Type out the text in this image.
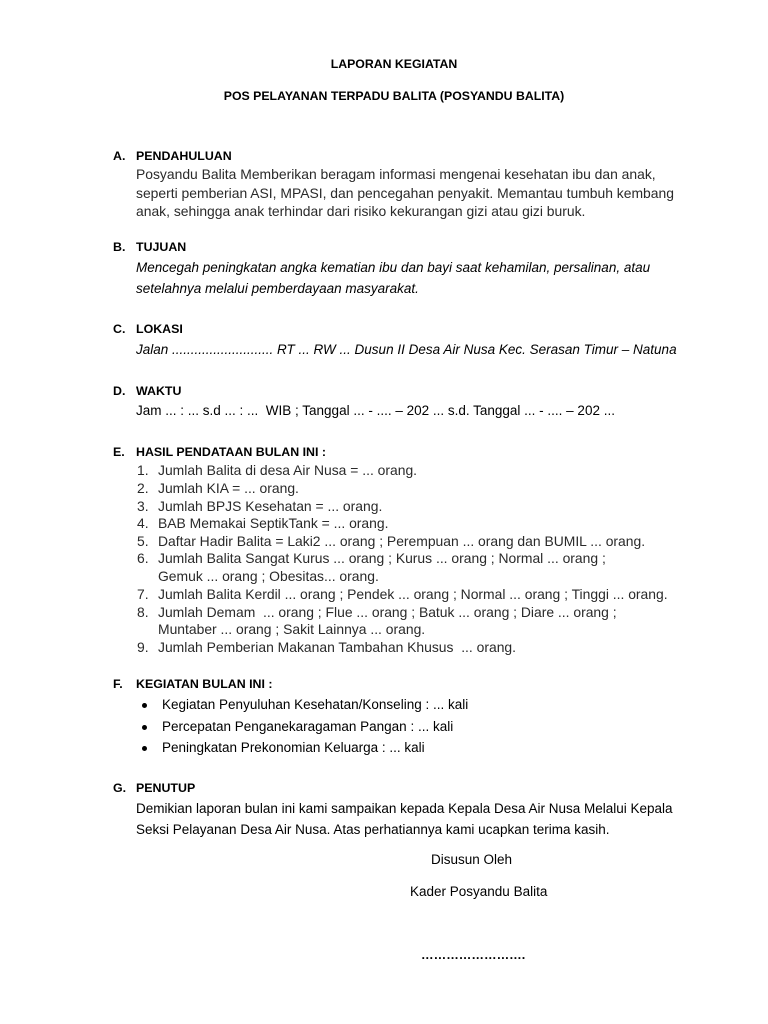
LAPORAN KEGIATAN
POS PELAYANAN TERPADU BALITA (POSYANDU BALITA)
A. PENDAHULUAN
Posyandu Balita Memberikan beragam informasi mengenai kesehatan ibu dan anak,
seperti pemberian ASI, MPASI, dan pencegahan penyakit. Memantau tumbuh kembang
anak, sehingga anak terhindar dari risiko kekurangan gizi atau gizi buruk.
B. TUJUAN
Mencegah peningkatan angka kematian ibu dan bayi saat kehamilan, persalinan, atau
setelahnya melalui pemberdayaan masyarakat.
C. LOKASI
Jalan ........................... RT ... RW ... Dusun II Desa Air Nusa Kec. Serasan Timur – Natuna
D. WAKTU
Jam ... : ... s.d ... : ...  WIB ; Tanggal ... - .... – 202 ... s.d. Tanggal ... - .... – 202 ...
E. HASIL PENDATAAN BULAN INI :
1. Jumlah Balita di desa Air Nusa = ... orang.
2. Jumlah KIA = ... orang.
3. Jumlah BPJS Kesehatan = ... orang.
4. BAB Memakai SeptikTank = ... orang.
5. Daftar Hadir Balita = Laki2 ... orang ; Perempuan ... orang dan BUMIL ... orang.
6. Jumlah Balita Sangat Kurus ... orang ; Kurus ... orang ; Normal ... orang ;
Gemuk ... orang ; Obesitas... orang.
7. Jumlah Balita Kerdil ... orang ; Pendek ... orang ; Normal ... orang ; Tinggi ... orang.
8. Jumlah Demam  ... orang ; Flue ... orang ; Batuk ... orang ; Diare ... orang ;
Muntaber ... orang ; Sakit Lainnya ... orang.
9. Jumlah Pemberian Makanan Tambahan Khusus  ... orang.
F. KEGIATAN BULAN INI :
Kegiatan Penyuluhan Kesehatan/Konseling : ... kali
Percepatan Penganekaragaman Pangan : ... kali
Peningkatan Prekonomian Keluarga : ... kali
G. PENUTUP
Demikian laporan bulan ini kami sampaikan kepada Kepala Desa Air Nusa Melalui Kepala
Seksi Pelayanan Desa Air Nusa. Atas perhatiannya kami ucapkan terima kasih.
Disusun Oleh
Kader Posyandu Balita
…………………….
